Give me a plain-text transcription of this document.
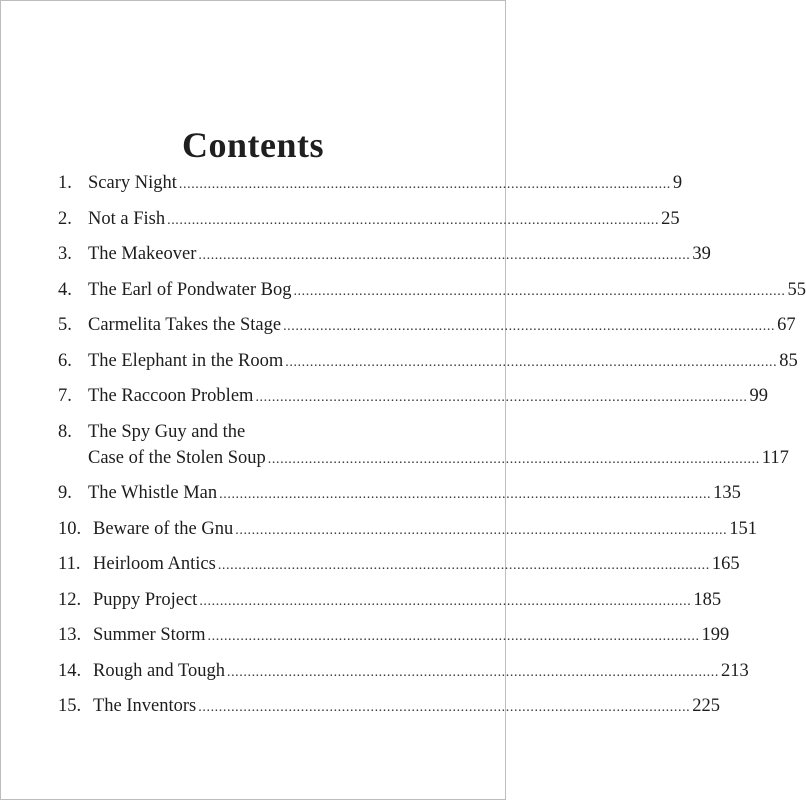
Contents
1. Scary Night ........................................................................................................................ 9
2. Not a Fish ........................................................................................................................ 25
3. The Makeover ........................................................................................................................ 39
4. The Earl of Pondwater Bog ........................................................................................................................ 55
5. Carmelita Takes the Stage ........................................................................................................................ 67
6. The Elephant in the Room ........................................................................................................................ 85
7. The Raccoon Problem ........................................................................................................................ 99
8. The Spy Guy and the
Case of the Stolen Soup ........................................................................................................................ 117
9. The Whistle Man ........................................................................................................................ 135
10. Beware of the Gnu ........................................................................................................................ 151
11. Heirloom Antics ........................................................................................................................ 165
12. Puppy Project ........................................................................................................................ 185
13. Summer Storm ........................................................................................................................ 199
14. Rough and Tough ........................................................................................................................ 213
15. The Inventors ........................................................................................................................ 225
